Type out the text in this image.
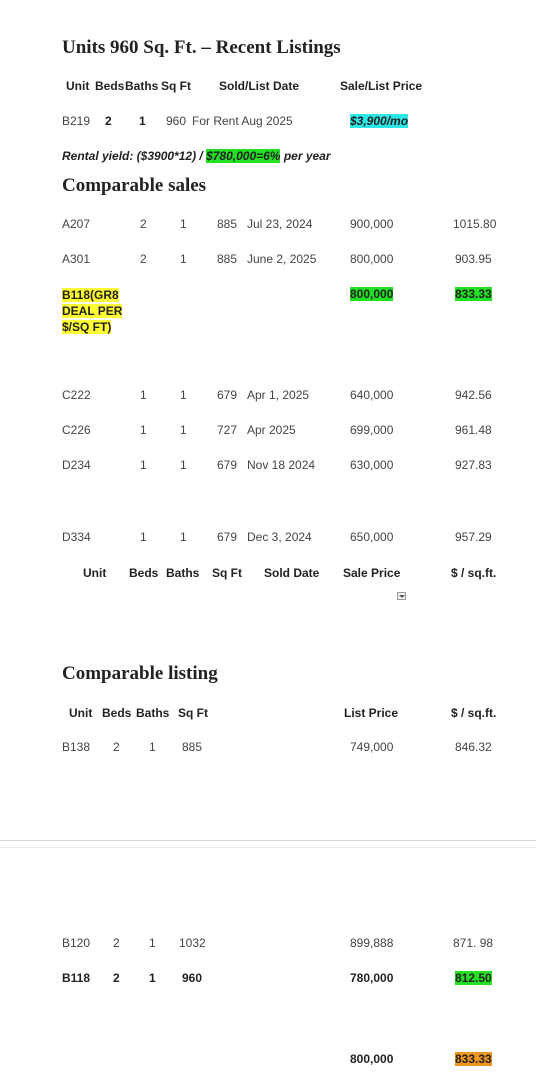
Units 960 Sq. Ft. – Recent Listings
Unit Beds Baths Sq Ft Sold/List Date	Sale/List Price
B219 2 1 960 For Rent Aug 2025	$3,900/mo
Rental yield: ($3900*12) / $780,000=6% per year
Comparable sales
A207	2	1	885 Jul 23, 2024	900,000	1015.80
A301	2	1	885 June 2, 2025	800,000	903.95
B118(GR8
DEAL PER
$/SQ FT)
800,000	833.33
C222	1	1	679 Apr 1, 2025	640,000	942.56
C226	1	1	727 Apr 2025	699,000	961.48
D234	1	1	679 Nov 18 2024	630,000	927.83
D334	1	1	679 Dec 3, 2024	650,000	957.29
Unit Beds Baths Sq Ft Sold Date Sale Price	$ / sq.ft.
Comparable listing
Unit Beds Baths Sq Ft	List Price	$ / sq.ft.
B138 2 1 885	749,000	846.32
B120 2 1 1032	899,888	871. 98
B118 2 1 960	780,000	812.50
800,000	833.33
